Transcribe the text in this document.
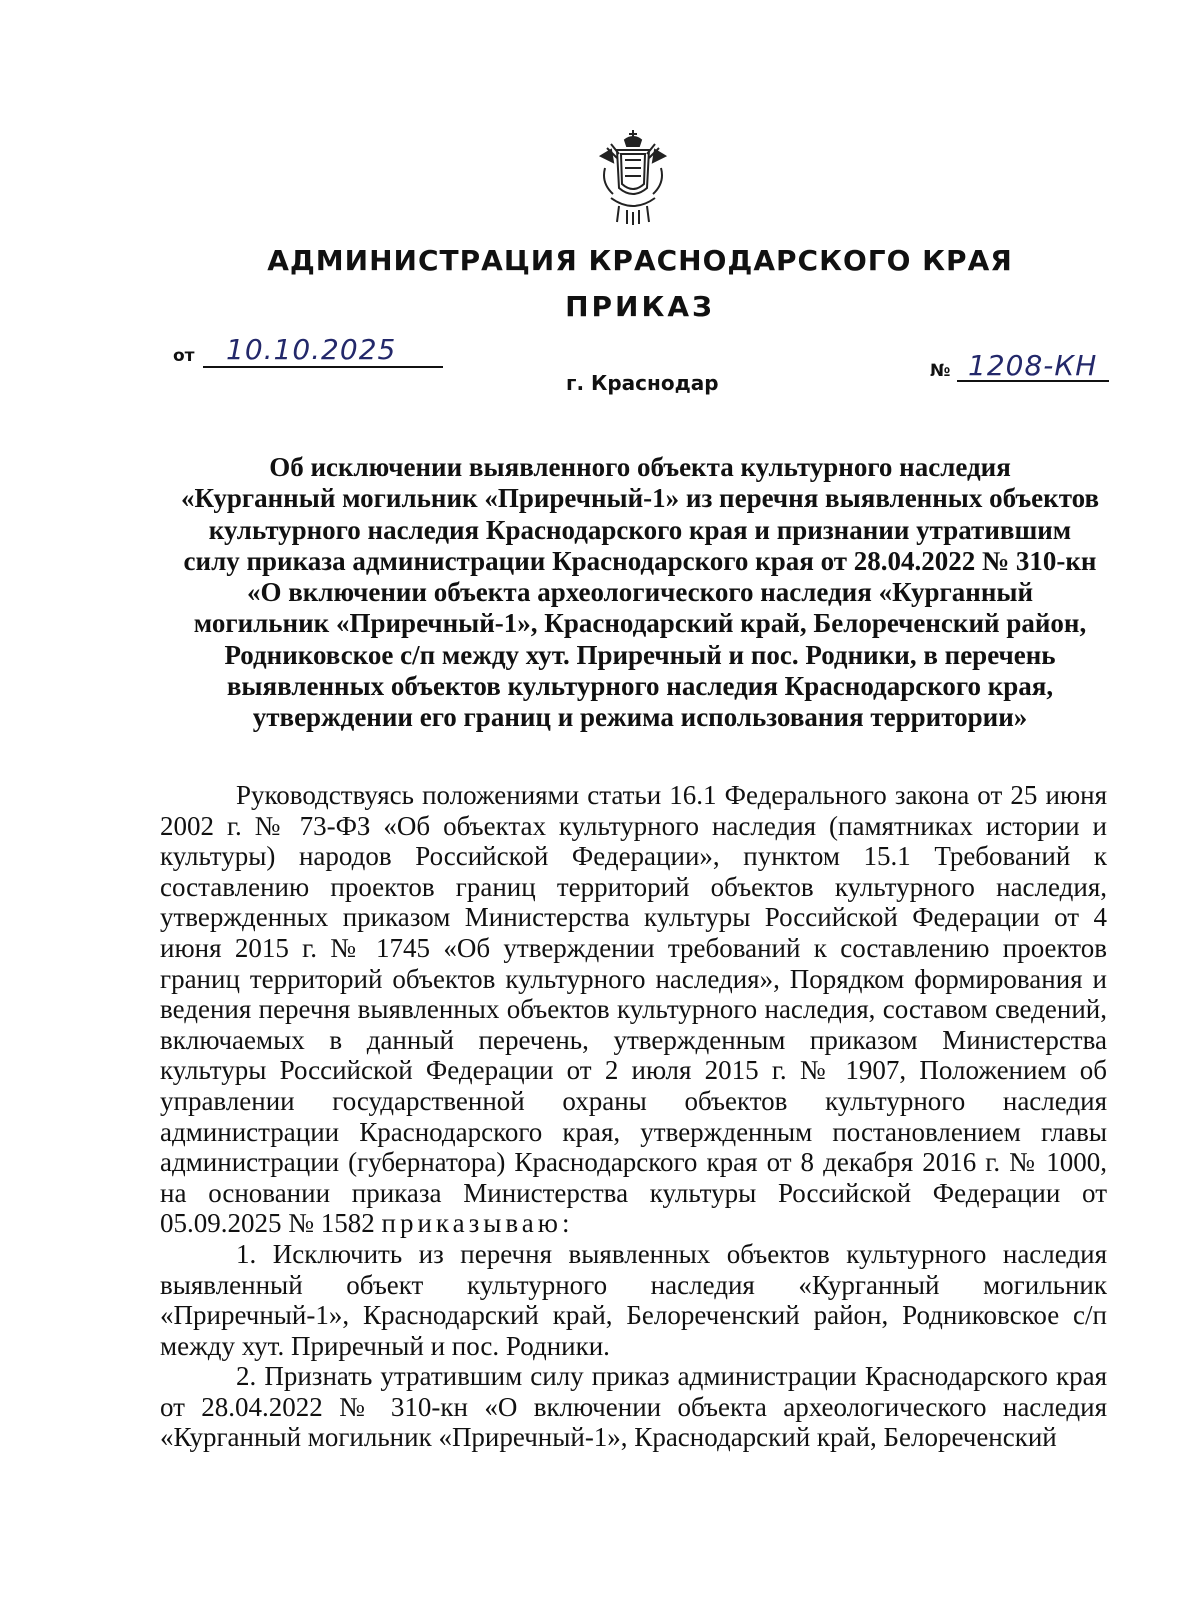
АДМИНИСТРАЦИЯ КРАСНОДАРСКОГО КРАЯ
ПРИКАЗ
от 10.10.2025
г. Краснодар	№ 1208-КН
Об исключении выявленного объекта культурного наследия
«Курганный могильник «Приречный-1» из перечня выявленных объектов
культурного наследия Краснодарского края и признании утратившим
силу приказа администрации Краснодарского края от 28.04.2022 № 310-кн
«О включении объекта археологического наследия «Курганный
могильник «Приречный-1», Краснодарский край, Белореченский район,
Родниковское с/п между хут. Приречный и пос. Родники, в перечень
выявленных объектов культурного наследия Краснодарского края,
утверждении его границ и режима использования территории»

Руководствуясь положениями статьи 16.1 Федерального закона от 25 июня 2002 г. № 73-ФЗ «Об объектах культурного наследия (памятниках истории и культуры) народов Российской Федерации», пунктом 15.1 Требований к составлению проектов границ территорий объектов культурного наследия, утвержденных приказом Министерства культуры Российской Федерации от 4 июня 2015 г. № 1745 «Об утверждении требований к составлению проектов границ территорий объектов культурного наследия», Порядком формирования и ведения перечня выявленных объектов культурного наследия, составом сведений, включаемых в данный перечень, утвержденным приказом Министерства культуры Российской Федерации от 2 июля 2015 г. № 1907, Положением об управлении государственной охраны объектов культурного наследия администрации Краснодарского края, утвержденным постановлением главы администрации (губернатора) Краснодарского края от 8 декабря 2016 г. № 1000, на основании приказа Министерства культуры Российской Федерации от 05.09.2025 № 1582 приказываю:

1. Исключить из перечня выявленных объектов культурного наследия выявленный объект культурного наследия «Курганный могильник «Приречный-1», Краснодарский край, Белореченский район, Родниковское с/п между хут. Приречный и пос. Родники.

2. Признать утратившим силу приказ администрации Краснодарского края от 28.04.2022 № 310-кн «О включении объекта археологического наследия «Курганный могильник «Приречный-1», Краснодарский край, Белореченский
